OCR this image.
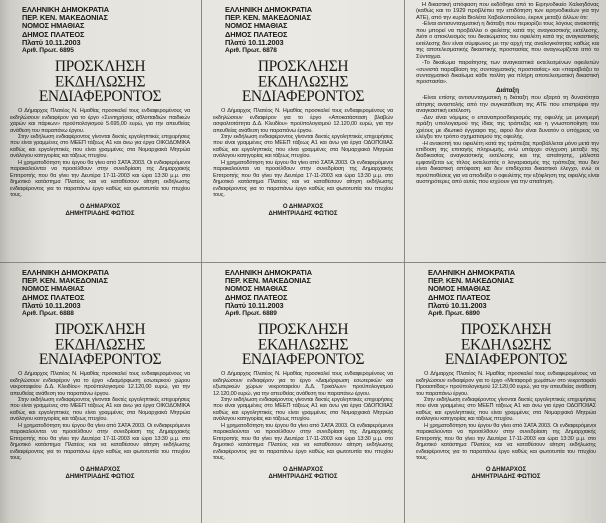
ΕΛΛΗΝΙΚΗ ΔΗΜΟΚΡΑΤΙΑ
ΠΕΡ. ΚΕΝ. ΜΑΚΕΔΟΝΙΑΣ
ΝΟΜΟΣ ΗΜΑΘΙΑΣ
ΔΗΜΟΣ ΠΛΑΤΕΟΣ
Πλατύ 10.11.2003
Αριθ. Πρωτ. 6895
ΠΡΟΣΚΛΗΣΗ ΕΚΔΗΛΩΣΗΣ
ΕΝΔΙΑΦΕΡΟΝΤΟΣ

Ο Δήμαρχος Πλατέος Ν. Ημαθίας προσκαλεί τους ενδιαφερομένους να εκδηλώσουν ενδιαφέρον για το έργο «Συντηρήσεις αθλοπαιδιών παιδικών χαρών και πάρκων» προϋπολογισμού 5.695,00 ευρώ, για την απευθείας ανάθεση του παραπάνω έργου.

Στην εκδήλωση ενδιαφέροντος γίνονται δεκτές εργοληπτικές επιχειρήσεις που είναι γραμμένες στο ΜΕΕΠ τάξεως Α1 και άνω για έργα ΟΙΚΟΔΟΜΙΚΑ καθώς και εργοληπτικές που είναι γραμμένες στα Νομαρχιακά Μητρώα ανάλογου κατηγορίας και τάξεως πτυχίου.

Η χρηματοδότηση του έργου θα γίνει από ΣΑΤΑ 2003. Οι ενδιαφερόμενοι παρακαλούνται να προσέλθουν στην συνεδρίαση της Δημαρχιακής Επιτροπής που θα γίνει την Δευτέρα 17-11-2003 και ώρα 13:30 μ.μ. στο δημοτικό κατάστημα Πλατέος και να καταθέσουν αίτηση εκδήλωσης ενδιαφέροντος για το παραπάνω έργο καθώς και φωτοτυπία του πτυχίου τους.

Ο ΔΗΜΑΡΧΟΣ
ΔΗΜΗΤΡΙΑΔΗΣ ΦΩΤΙΟΣ
ΕΛΛΗΝΙΚΗ ΔΗΜΟΚΡΑΤΙΑ
ΠΕΡ. ΚΕΝ. ΜΑΚΕΔΟΝΙΑΣ
ΝΟΜΟΣ ΗΜΑΘΙΑΣ
ΔΗΜΟΣ ΠΛΑΤΕΟΣ
Πλατύ 10.11.2003
Αριθ. Πρωτ. 6878
ΠΡΟΣΚΛΗΣΗ ΕΚΔΗΛΩΣΗΣ
ΕΝΔΙΑΦΕΡΟΝΤΟΣ

Ο Δήμαρχος Πλατέος Ν. Ημαθίας προσκαλεί τους ενδιαφερομένους να εκδηλώσουν ενδιαφέρον για το έργο «Αποκατάσταση βλαβών ασφαλτοτάπητα Δ.Δ. Κλειδίου» προϋπολογισμού 12.120,00 ευρώ, για την απευθείας ανάθεση του παραπάνω έργου.

Στην εκδήλωση ενδιαφέροντος γίνονται δεκτές εργοληπτικές επιχειρήσεις που είναι γραμμένες στο ΜΕΕΠ τάξεως Α1 και άνω για έργα ΟΔΟΠΟΙΙΑΣ καθώς και εργοληπτικές που είναι γραμμένες στα Νομαρχιακά Μητρώα ανάλογου κατηγορίας και τάξεως πτυχίου.

Η χρηματοδότηση του έργου θα γίνει από ΣΑΤΑ 2003. Οι ενδιαφερόμενοι παρακαλούνται να προσέλθουν στην συνεδρίαση της Δημαρχιακής Επιτροπής που θα γίνει την Δευτέρα 17-11-2003 και ώρα 13:30 μ.μ. στο δημοτικό κατάστημα Πλατέος και να καταθέσουν αίτηση εκδήλωσης ενδιαφέροντος για το παραπάνω έργο καθώς και φωτοτυπία του πτυχίου τους.

Ο ΔΗΜΑΡΧΟΣ
ΔΗΜΗΤΡΙΑΔΗΣ ΦΩΤΙΟΣ

Η δικαστική απόφαση που εκδόθηκε από το Ειρηνοδικείο Χαλκηδόνας (καθώς και το 1929 προβλέπει την επιδότηση των ειρηνοδικείων για την ΑΤΕ), από την κυρία Βιολέτα Χαβαλοπούλου, έκρινε μεταξύ άλλων ότι:

-Είναι αντισυνταγματική η διάταξη που περιορίζει τους λόγους ανακοπής που μπορεί να προβάλλει ο φειλέτης κατά της αναγκαστικής εκτέλεσης. Διότι ο αποκλεισμός του δικαιώματος του οφειλέτη κατά της αναγκαστικής εκτέλεσης δεν είναι σύμφωνος με την αρχή της αναλογικότητας καθώς και της αποτελεσματικής δικαστικής προστασίας που αναγνωρίζεται από το Σύνταγμα.

-Το δικαίωμα παραίτησης των αναγκαστικά εκτελεσμένων οφειλετών «συνιστά παραβίαση της συνταγματικής προστασίας» και «παραβιάζει το συνταγματικό δικαίωμα κάθε πολίτη για πλήρη αποτελεσματική δικαστική προστασία».

Διάταξη

-Είναι επίσης αντισυνταγματική η διάταξη που εξαρτά τη δυνατότητα αίτησης αναστολής από την συγκατάθεση της ΑΤΕ που επιστρέφει την αναγκαστική εκτέλεση.

-Δεν είναι νόμιμος ο επαναπροσδιορισμός της οφειλής με μονομερή πράξη υπολογισμού της ίδιας της τράπεζας και η γνωστοποίηση του χρέους με ιδιωτικό έγγραφο της, αφού δεν είναι δυνατόν ο υπόχρεος να ελέγξει τον τρόπο σχηματισμού της οφειλής.

-Η ανακοπή του οφειλέτη κατά της τράπεζας προβάλλεται μόνο μετά την επίδοση της επιταγής πληρωμής, ενώ υπάρχει σύγχυση μεταξύ της διαδικασίας αναγκαστικής εκτέλεσης και της απαίτησης, μάλιστα εμφανίζεται ως τίτλος εκτελεστός ο λογαριασμός της τράπεζας που δεν είναι δικαστική απόφαση και δεν επιδέχεται δικαστικό έλεγχο, ενώ οι προϋποθέσεις για να αποδείξει ο οφειλέτης την εξόφληση της οφειλής είναι αυστηρότερες από αυτές που ισχύουν για την απαίτηση.

ΕΛΛΗΝΙΚΗ ΔΗΜΟΚΡΑΤΙΑ
ΠΕΡ. ΚΕΝ. ΜΑΚΕΔΟΝΙΑΣ
ΝΟΜΟΣ ΗΜΑΘΙΑΣ
ΔΗΜΟΣ ΠΛΑΤΕΟΣ
Πλατύ 10.11.2003
Αριθ. Πρωτ. 6888
ΠΡΟΣΚΛΗΣΗ ΕΚΔΗΛΩΣΗΣ
ΕΝΔΙΑΦΕΡΟΝΤΟΣ

Ο Δήμαρχος Πλατέος Ν. Ημαθίας προσκαλεί τους ενδιαφερομένους να εκδηλώσουν ενδιαφέρον για το έργο «Διαμόρφωση εσωτερικού χώρου νεκροταφείου Δ.Δ. Κλειδίου» προϋπολογισμού 12.120,00 ευρώ, για την απευθείας ανάθεση του παραπάνω έργου.

Στην εκδήλωση ενδιαφέροντος γίνονται δεκτές εργοληπτικές επιχειρήσεις που είναι γραμμένες στο ΜΕΕΠ τάξεως Α1 και άνω για έργα ΟΙΚΟΔΟΜΙΚΑ καθώς και εργοληπτικές που είναι γραμμένες στα Νομαρχιακά Μητρώα ανάλογου κατηγορίας και τάξεως πτυχίου.

Η χρηματοδότηση του έργου θα γίνει από ΣΑΤΑ 2003. Οι ενδιαφερόμενοι παρακαλούνται να προσέλθουν στην συνεδρίαση της Δημαρχιακής Επιτροπής που θα γίνει την Δευτέρα 17-11-2003 και ώρα 13:30 μ.μ. στο δημοτικό κατάστημα Πλατέος και να καταθέσουν αίτηση εκδήλωσης ενδιαφέροντος για το παραπάνω έργο καθώς και φωτοτυπία του πτυχίου τους.

Ο ΔΗΜΑΡΧΟΣ
ΔΗΜΗΤΡΙΑΔΗΣ ΦΩΤΙΟΣ
ΕΛΛΗΝΙΚΗ ΔΗΜΟΚΡΑΤΙΑ
ΠΕΡ. ΚΕΝ. ΜΑΚΕΔΟΝΙΑΣ
ΝΟΜΟΣ ΗΜΑΘΙΑΣ
ΔΗΜΟΣ ΠΛΑΤΕΟΣ
Πλατύ 10.11.2003
Αριθ. Πρωτ. 6889
ΠΡΟΣΚΛΗΣΗ ΕΚΔΗΛΩΣΗΣ
ΕΝΔΙΑΦΕΡΟΝΤΟΣ

Ο Δήμαρχος Πλατέος Ν. Ημαθίας προσκαλεί τους ενδιαφερομένους να εκδηλώσουν ενδιαφέρον για το έργο «Διαμόρφωση εσωτερικών και εξωτερικών χώρων νεκροταφείου Δ.Δ. Τρικάλων» προϋπολογισμού 12.120,00 ευρώ, για την απευθείας ανάθεση του παραπάνω έργου.

Στην εκδήλωση ενδιαφέροντος γίνονται δεκτές εργοληπτικές επιχειρήσεις που είναι γραμμένες στο ΜΕΕΠ τάξεως Α1 και άνω για έργα ΟΔΟΠΟΙΙΑΣ καθώς και εργοληπτικές που είναι γραμμένες στα Νομαρχιακά Μητρώα ανάλογου κατηγορίας και τάξεως πτυχίου.

Η χρηματοδότηση του έργου θα γίνει από ΣΑΤΑ 2003. Οι ενδιαφερόμενοι παρακαλούνται να προσέλθουν στην συνεδρίαση της Δημαρχιακής Επιτροπής που θα γίνει την Δευτέρα 17-11-2003 και ώρα 13:30 μ.μ. στο δημοτικό κατάστημα Πλατέος και να καταθέσουν αίτηση εκδήλωσης ενδιαφέροντος για το παραπάνω έργο καθώς και φωτοτυπία του πτυχίου τους.

Ο ΔΗΜΑΡΧΟΣ
ΔΗΜΗΤΡΙΑΔΗΣ ΦΩΤΙΟΣ
ΕΛΛΗΝΙΚΗ ΔΗΜΟΚΡΑΤΙΑ
ΠΕΡ. ΚΕΝ. ΜΑΚΕΔΟΝΙΑΣ
ΝΟΜΟΣ ΗΜΑΘΙΑΣ
ΔΗΜΟΣ ΠΛΑΤΕΟΣ
Πλατύ 10.11.2003
Αριθ. Πρωτ. 6890
ΠΡΟΣΚΛΗΣΗ ΕΚΔΗΛΩΣΗΣ
ΕΝΔΙΑΦΕΡΟΝΤΟΣ

Ο Δήμαρχος Πλατέος Ν. Ημαθίας προσκαλεί τους ενδιαφερομένους να εκδηλώσουν ενδιαφέρον για το έργο «Μεταφορά χωμάτων στο νεκροταφείο Προασιτίδας» προϋπολογισμού 12.120,00 ευρώ, για την απευθείας ανάθεση του παραπάνω έργου.

Στην εκδήλωση ενδιαφέροντος γίνονται δεκτές εργοληπτικές επιχειρήσεις που είναι γραμμένες στο ΜΕΕΠ τάξεως Α1 και άνω για έργα ΟΔΟΠΟΙΙΑΣ καθώς και εργοληπτικές που είναι γραμμένες στα Νομαρχιακά Μητρώα ανάλογου κατηγορίας και τάξεως πτυχίου.

Η χρηματοδότηση του έργου θα γίνει από ΣΑΤΑ 2003. Οι ενδιαφερόμενοι παρακαλούνται να προσέλθουν στην συνεδρίαση της Δημαρχιακής Επιτροπής που θα γίνει την Δευτέρα 17-11-2003 και ώρα 13:30 μ.μ. στο δημοτικό κατάστημα Πλατέος και να καταθέσουν αίτηση εκδήλωσης ενδιαφέροντος για το παραπάνω έργο καθώς και φωτοτυπία του πτυχίου τους.

Ο ΔΗΜΑΡΧΟΣ
ΔΗΜΗΤΡΙΑΔΗΣ ΦΩΤΙΟΣ
